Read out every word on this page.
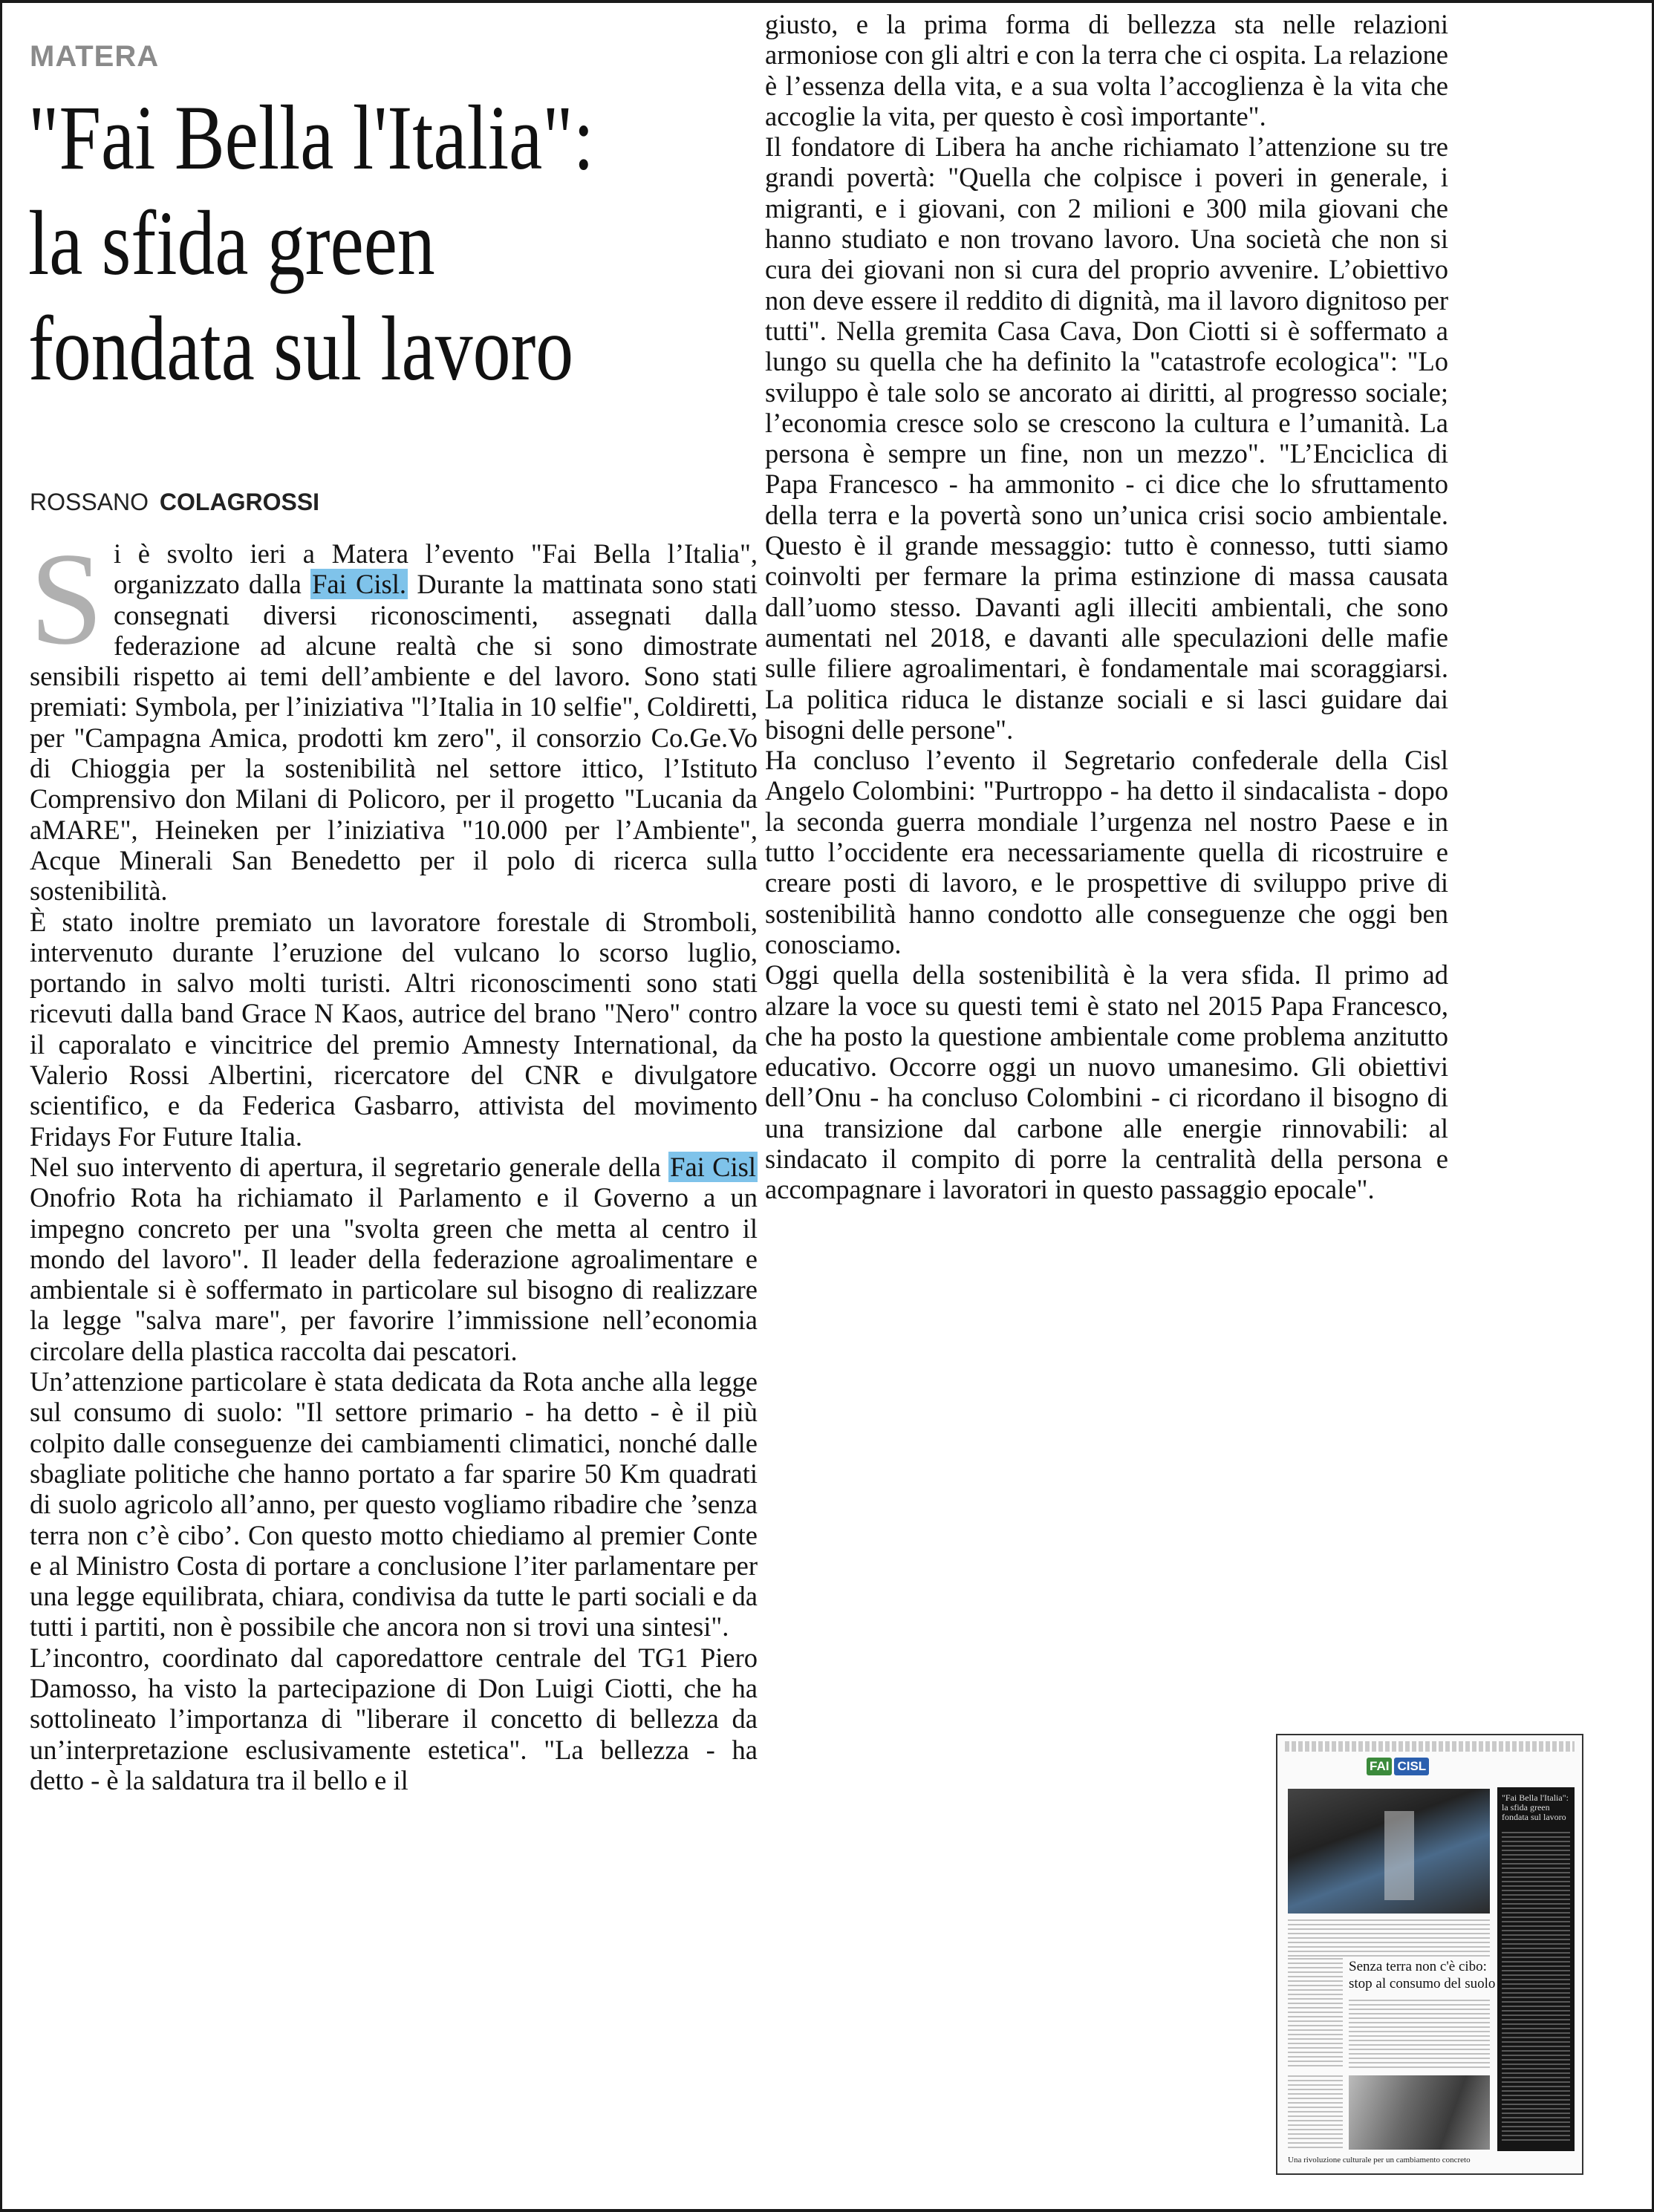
MATERA
"Fai Bella l'Italia":
la sfida green
fondata sul lavoro
ROSSANO COLAGROSSI

Si è svolto ieri a Matera l’evento "Fai Bella l’Italia", organizzato dalla Fai Cisl. Durante la mattinata sono stati consegnati diversi riconoscimenti, assegnati dalla federazione ad alcune realtà che si sono dimostrate sensibili rispetto ai temi dell’ambiente e del lavoro. Sono stati premiati: Symbola, per l’iniziativa "l’Italia in 10 selfie", Coldiretti, per "Campagna Amica, prodotti km zero", il consorzio Co.Ge.Vo di Chioggia per la sostenibilità nel settore ittico, l’Istituto Comprensivo don Milani di Policoro, per il progetto "Lucania da aMARE", Heineken per l’iniziativa "10.000 per l’Ambiente", Acque Minerali San Benedetto per il polo di ricerca sulla sostenibilità.

È stato inoltre premiato un lavoratore forestale di Stromboli, intervenuto durante l’eruzione del vulcano lo scorso luglio, portando in salvo molti turisti. Altri riconoscimenti sono stati ricevuti dalla band Grace N Kaos, autrice del brano "Nero" contro il caporalato e vincitrice del premio Amnesty International, da Valerio Rossi Albertini, ricercatore del CNR e divulgatore scientifico, e da Federica Gasbarro, attivista del movimento Fridays For Future Italia.

Nel suo intervento di apertura, il segretario generale della Fai Cisl Onofrio Rota ha richiamato il Parlamento e il Governo a un impegno concreto per una "svolta green che metta al centro il mondo del lavoro". Il leader della federazione agroalimentare e ambientale si è soffermato in particolare sul bisogno di realizzare la legge "salva mare", per favorire l’immissione nell’economia circolare della plastica raccolta dai pescatori.

Un’attenzione particolare è stata dedicata da Rota anche alla legge sul consumo di suolo: "Il settore primario - ha detto - è il più colpito dalle conseguenze dei cambiamenti climatici, nonché dalle sbagliate politiche che hanno portato a far sparire 50 Km quadrati di suolo agricolo all’anno, per questo vogliamo ribadire che ’senza terra non c’è cibo’. Con questo motto chiediamo al premier Conte e al Ministro Costa di portare a conclusione l’iter parlamentare per una legge equilibrata, chiara, condivisa da tutte le parti sociali e da tutti i partiti, non è possibile che ancora non si trovi una sintesi".

L’incontro, coordinato dal caporedattore centrale del TG1 Piero Damosso, ha visto la partecipazione di Don Luigi Ciotti, che ha sottolineato l’importanza di "liberare il concetto di bellezza da un’interpretazione esclusivamente estetica". "La bellezza - ha detto - è la saldatura tra il bello e il

giusto, e la prima forma di bellezza sta nelle relazioni armoniose con gli altri e con la terra che ci ospita. La relazione è l’essenza della vita, e a sua volta l’accoglienza è la vita che accoglie la vita, per questo è così importante".

Il fondatore di Libera ha anche richiamato l’attenzione su tre grandi povertà: "Quella che colpisce i poveri in generale, i migranti, e i giovani, con 2 milioni e 300 mila giovani che hanno studiato e non trovano lavoro. Una società che non si cura dei giovani non si cura del proprio avvenire. L’obiettivo non deve essere il reddito di dignità, ma il lavoro dignitoso per tutti". Nella gremita Casa Cava, Don Ciotti si è soffermato a lungo su quella che ha definito la "catastrofe ecologica": "Lo sviluppo è tale solo se ancorato ai diritti, al progresso sociale; l’economia cresce solo se crescono la cultura e l’umanità. La persona è sempre un fine, non un mezzo". "L’Enciclica di Papa Francesco - ha ammonito - ci dice che lo sfruttamento della terra e la povertà sono un’unica crisi socio ambientale. Questo è il grande messaggio: tutto è connesso, tutti siamo coinvolti per fermare la prima estinzione di massa causata dall’uomo stesso. Davanti agli illeciti ambientali, che sono aumentati nel 2018, e davanti alle speculazioni delle mafie sulle filiere agroalimentari, è fondamentale mai scoraggiarsi. La politica riduca le distanze sociali e si lasci guidare dai bisogni delle persone".

Ha concluso l’evento il Segretario confederale della Cisl Angelo Colombini: "Purtroppo - ha detto il sindacalista - dopo la seconda guerra mondiale l’urgenza nel nostro Paese e in tutto l’occidente era necessariamente quella di ricostruire e creare posti di lavoro, e le prospettive di sviluppo prive di sostenibilità hanno condotto alle conseguenze che oggi ben conosciamo.

Oggi quella della sostenibilità è la vera sfida. Il primo ad alzare la voce su questi temi è stato nel 2015 Papa Francesco, che ha posto la questione ambientale come problema anzitutto educativo. Occorre oggi un nuovo umanesimo. Gli obiettivi dell’Onu - ha concluso Colombini - ci ricordano il bisogno di una transizione dal carbone alle energie rinnovabili: al sindacato il compito di porre la centralità della persona e accompagnare i lavoratori in questo passaggio epocale".

FAI CISL
"Fai Bella l'Italia": la sfida green fondata sul lavoro
Senza terra non c'è cibo: stop al consumo del suolo
Una rivoluzione culturale per un cambiamento concreto
